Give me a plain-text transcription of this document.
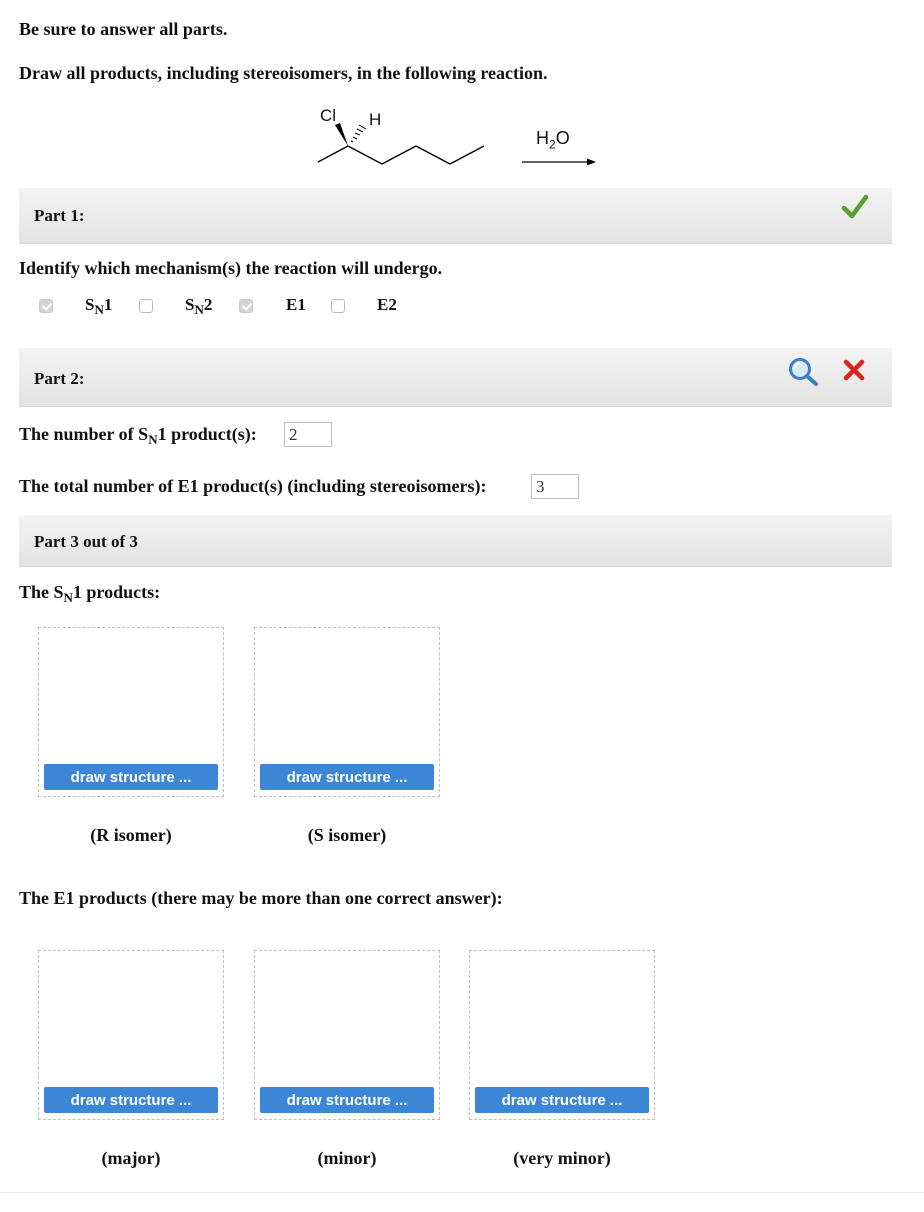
Be sure to answer all parts.
Draw all products, including stereoisomers, in the following reaction.
Cl H
$H_2O$
Part 1:
Identify which mechanism(s) the reaction will undergo.
$S_N1$	$S_N2$	E1	E2
Part 2:
The number of $S_N1$ product(s): 2
The total number of E1 product(s) (including stereoisomers):	3
Part 3 out of 3
The $S_N1$ products:
draw structure ...	draw structure ...
(R isomer)	(S isomer)
The E1 products (there may be more than one correct answer):
draw structure ...	draw structure ...	draw structure ...
(major)	(minor)	(very minor)
